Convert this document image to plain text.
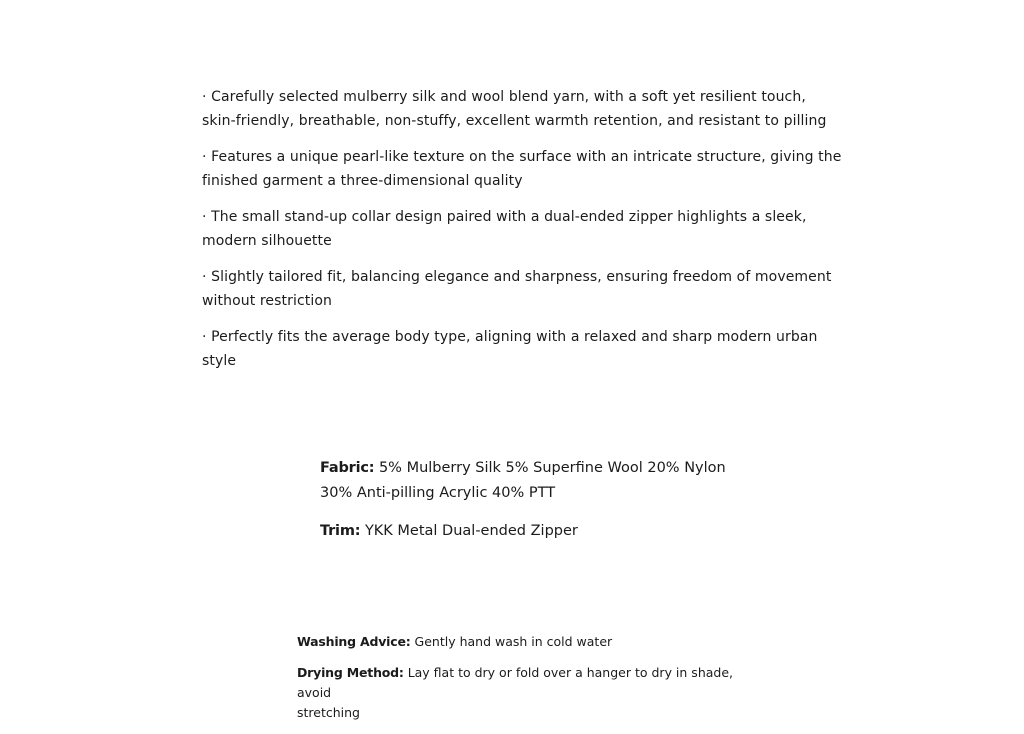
· Carefully selected mulberry silk and wool blend yarn, with a soft yet resilient touch,
skin-friendly, breathable, non-stuffy, excellent warmth retention, and resistant to pilling

· Features a unique pearl-like texture on the surface with an intricate structure, giving the
finished garment a three-dimensional quality

· The small stand-up collar design paired with a dual-ended zipper highlights a sleek,
modern silhouette

· Slightly tailored fit, balancing elegance and sharpness, ensuring freedom of movement
without restriction

· Perfectly fits the average body type, aligning with a relaxed and sharp modern urban
style

Fabric: 5% Mulberry Silk 5% Superfine Wool 20% Nylon
30% Anti-pilling Acrylic 40% PTT

Trim: YKK Metal Dual-ended Zipper

Washing Advice: Gently hand wash in cold water

Drying Method: Lay flat to dry or fold over a hanger to dry in shade, avoid
stretching
